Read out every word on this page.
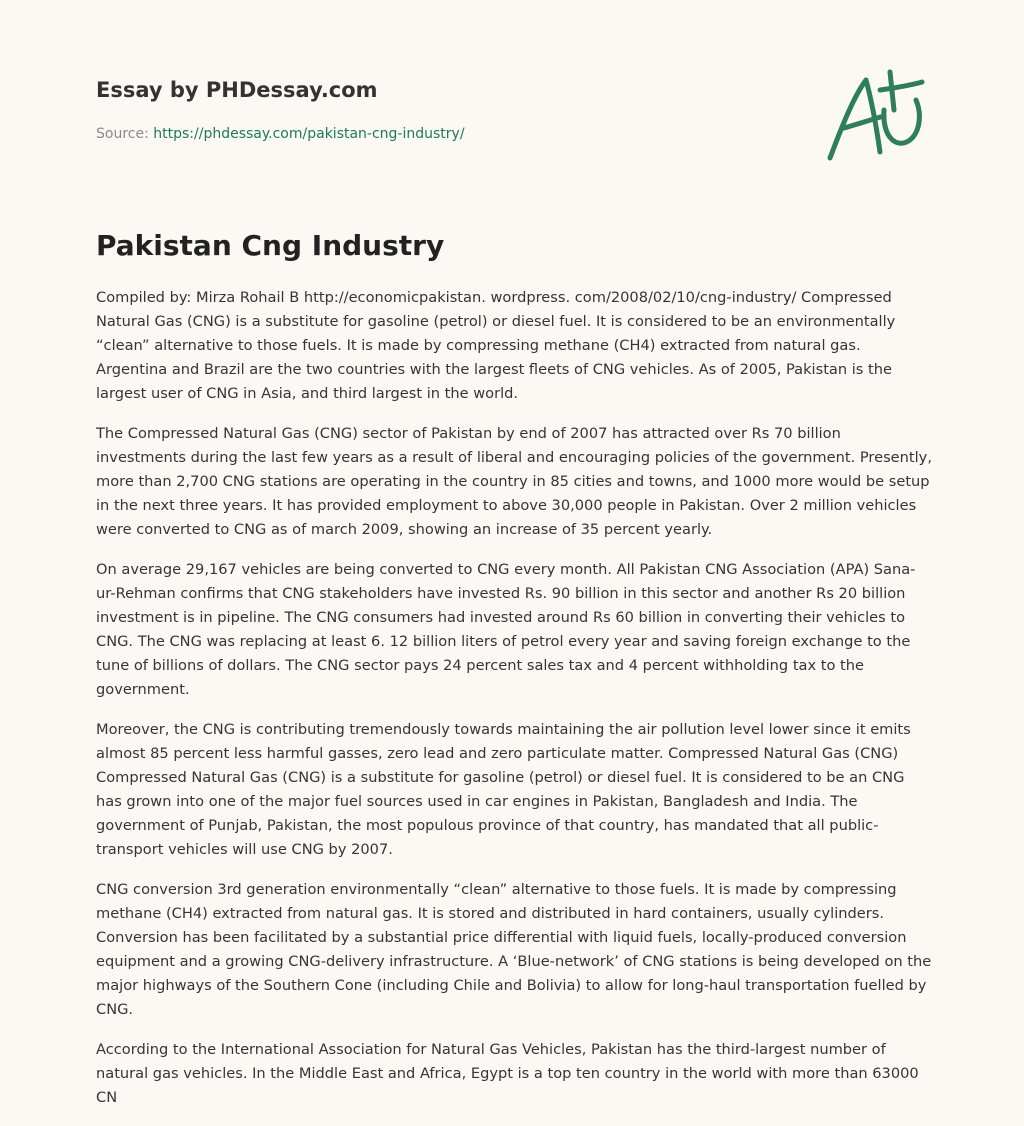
Essay by PHDessay.com
Source: https://phdessay.com/pakistan-cng-industry/
Pakistan Cng Industry

Compiled by: Mirza Rohail B http://economicpakistan. wordpress. com/2008/02/10/cng-industry/ Compressed Natural Gas (CNG) is a substitute for gasoline (petrol) or diesel fuel. It is considered to be an environmentally “clean” alternative to those fuels. It is made by compressing methane (CH4) extracted from natural gas. Argentina and Brazil are the two countries with the largest fleets of CNG vehicles. As of 2005, Pakistan is the largest user of CNG in Asia, and third largest in the world.

The Compressed Natural Gas (CNG) sector of Pakistan by end of 2007 has attracted over Rs 70 billion investments during the last few years as a result of liberal and encouraging policies of the government. Presently, more than 2,700 CNG stations are operating in the country in 85 cities and towns, and 1000 more would be setup in the next three years. It has provided employment to above 30,000 people in Pakistan. Over 2 million vehicles were converted to CNG as of march 2009, showing an increase of 35 percent yearly.

On average 29,167 vehicles are being converted to CNG every month. All Pakistan CNG Association (APA) Sana-ur-Rehman confirms that CNG stakeholders have invested Rs. 90 billion in this sector and another Rs 20 billion investment is in pipeline. The CNG consumers had invested around Rs 60 billion in converting their vehicles to CNG. The CNG was replacing at least 6. 12 billion liters of petrol every year and saving foreign exchange to the tune of billions of dollars. The CNG sector pays 24 percent sales tax and 4 percent withholding tax to the government.

Moreover, the CNG is contributing tremendously towards maintaining the air pollution level lower since it emits almost 85 percent less harmful gasses, zero lead and zero particulate matter. Compressed Natural Gas (CNG) Compressed Natural Gas (CNG) is a substitute for gasoline (petrol) or diesel fuel. It is considered to be an CNG has grown into one of the major fuel sources used in car engines in Pakistan, Bangladesh and India. The government of Punjab, Pakistan, the most populous province of that country, has mandated that all public-transport vehicles will use CNG by 2007.

CNG conversion 3rd generation environmentally “clean” alternative to those fuels. It is made by compressing methane (CH4) extracted from natural gas. It is stored and distributed in hard containers, usually cylinders. Conversion has been facilitated by a substantial price differential with liquid fuels, locally-produced conversion equipment and a growing CNG-delivery infrastructure. A ‘Blue-network’ of CNG stations is being developed on the major highways of the Southern Cone (including Chile and Bolivia) to allow for long-haul transportation fuelled by CNG.

According to the International Association for Natural Gas Vehicles, Pakistan has the third-largest number of natural gas vehicles. In the Middle East and Africa, Egypt is a top ten country in the world with more than 63000 CN
